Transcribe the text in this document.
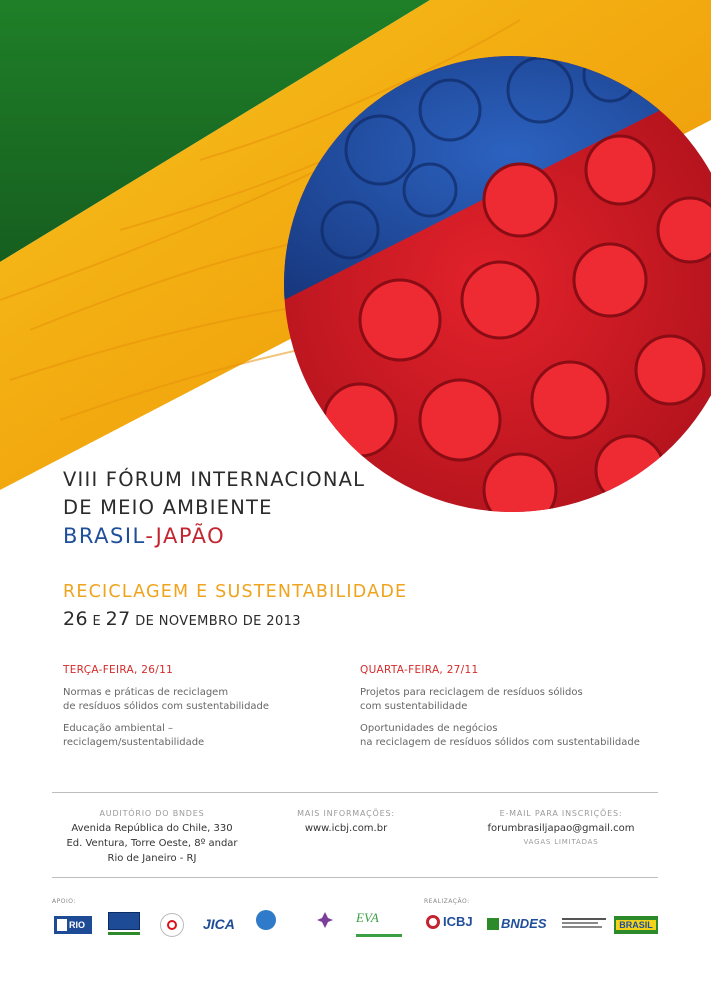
VIII FÓRUM INTERNACIONAL
DE MEIO AMBIENTE
BRASIL-JAPÃO
RECICLAGEM E SUSTENTABILIDADE
26 E 27 DE NOVEMBRO DE 2013
TERÇA-FEIRA, 26/11
Normas e práticas de reciclagem
de resíduos sólidos com sustentabilidade
Educação ambiental –
reciclagem/sustentabilidade
QUARTA-FEIRA, 27/11
Projetos para reciclagem de resíduos sólidos
com sustentabilidade
Oportunidades de negócios
na reciclagem de resíduos sólidos com sustentabilidade
AUDITÓRIO DO BNDES
Avenida República do Chile, 330
Ed. Ventura, Torre Oeste, 8º andar
Rio de Janeiro - RJ
MAIS INFORMAÇÕES:
www.icbj.com.br
E-MAIL PARA INSCRIÇÕES:
forumbrasiljapao@gmail.com
VAGAS LIMITADAS
APOIO:	REALIZAÇÃO:
RIO	JICA	EVA	ICBJ BNDES	BRASIL
